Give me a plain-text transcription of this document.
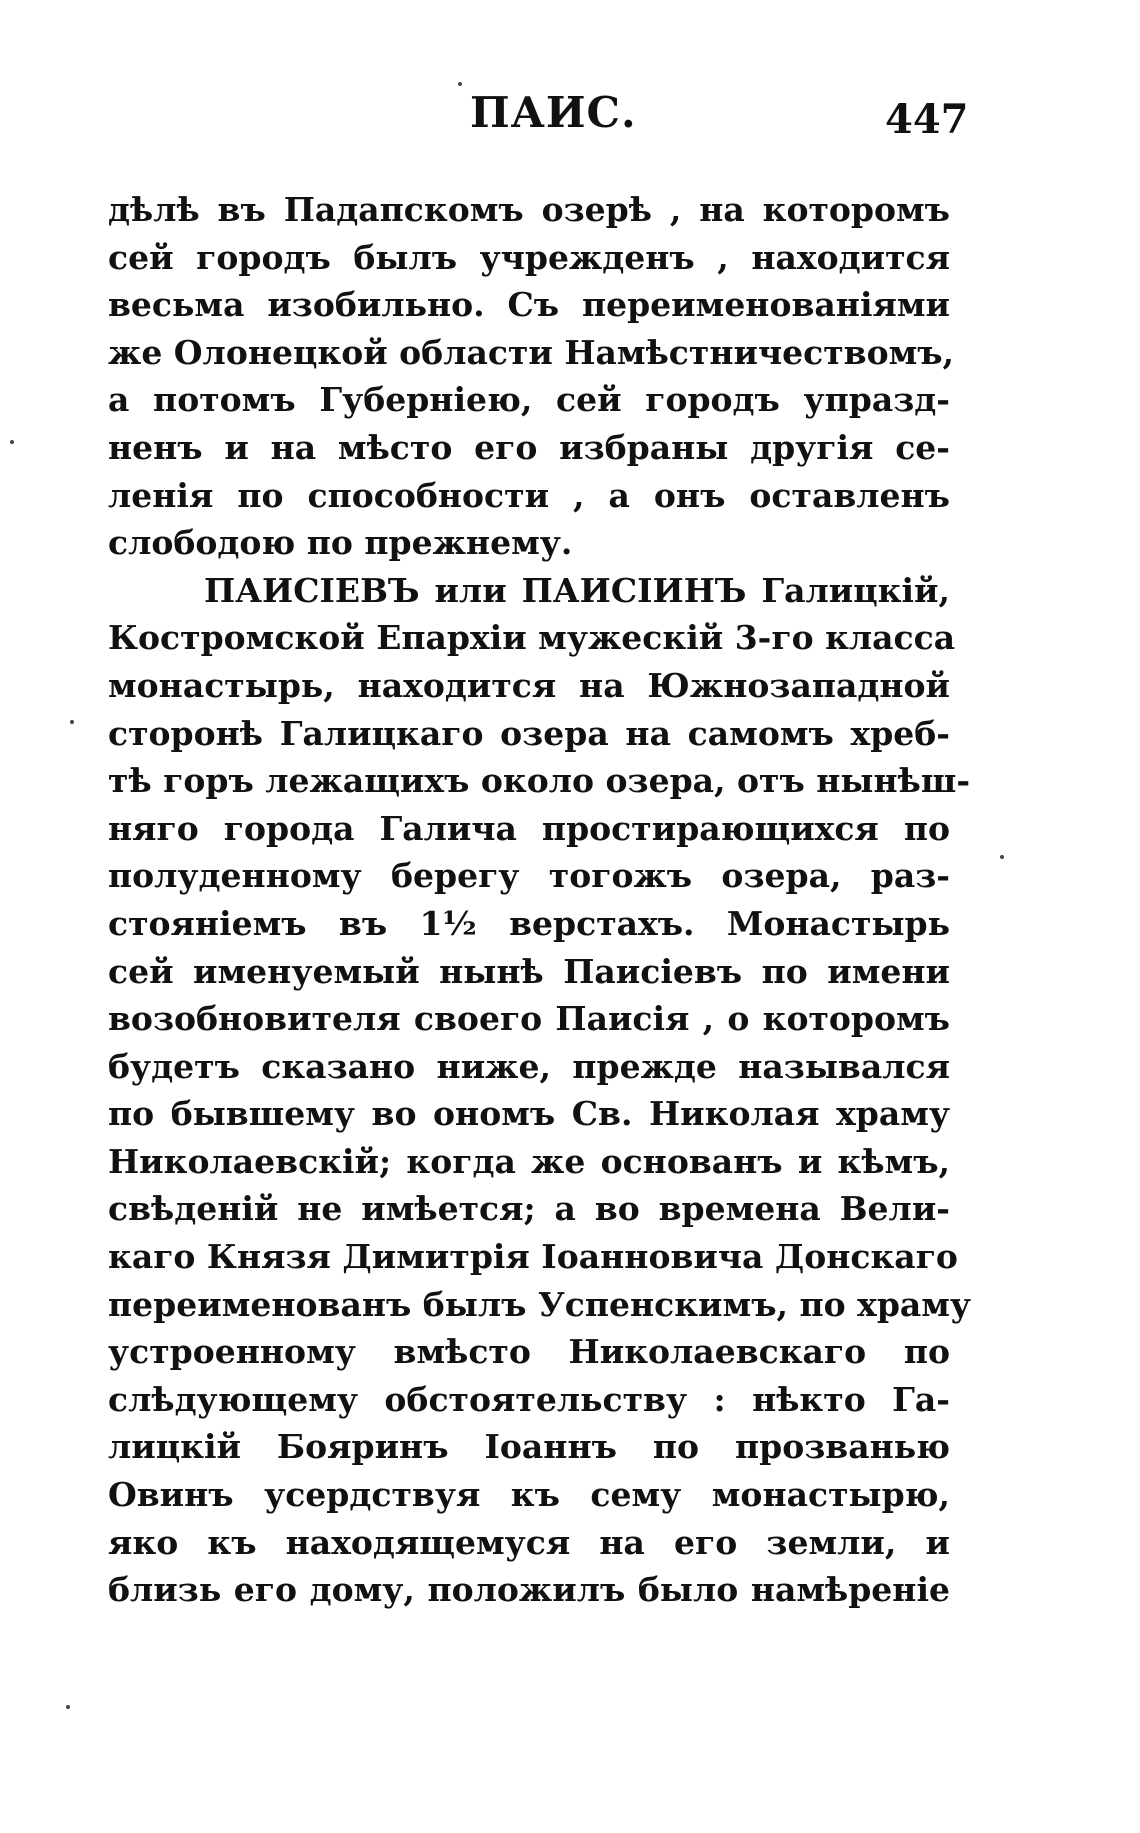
ПАИС.	447
дѣлѣ въ Падапскомъ озерѣ , на которомъ
сей городъ былъ учрежденъ , находится
весьма изобильно. Съ переименованіями
же Олонецкой области Намѣстничествомъ,
а потомъ Губерніею, сей городъ упразд-
ненъ и на мѣсто его избраны другія се-
ленія по способности , а онъ оставленъ
слободою по прежнему.
ПАИСІЕВЪ или ПАИСІИНЪ Галицкій,
Костромской Епархіи мужескій 3-го класса
монастырь, находится на Южнозападной
сторонѣ Галицкаго озера на самомъ хреб-
тѣ горъ лежащихъ около озера, отъ нынѣш-
няго города Галича простирающихся по
полуденному берегу тогожъ озера, раз-
стояніемъ въ 1½ верстахъ. Монастырь
сей именуемый нынѣ Паисіевъ по имени
возобновителя своего Паисія , о которомъ
будетъ сказано ниже, прежде назывался
по бывшему во ономъ Св. Николая храму
Николаевскій; когда же основанъ и кѣмъ,
свѣденій не имѣется; а во времена Вели-
каго Князя Димитрія Іоанновича Донскаго
переименованъ былъ Успенскимъ, по храму
устроенному вмѣсто Николаевскаго по
слѣдующему обстоятельству : нѣкто Га-
лицкій Бояринъ Іоаннъ по прозванью
Овинъ усердствуя къ сему монастырю,
яко къ находящемуся на его земли, и
близь его дому, положилъ было намѣреніе
